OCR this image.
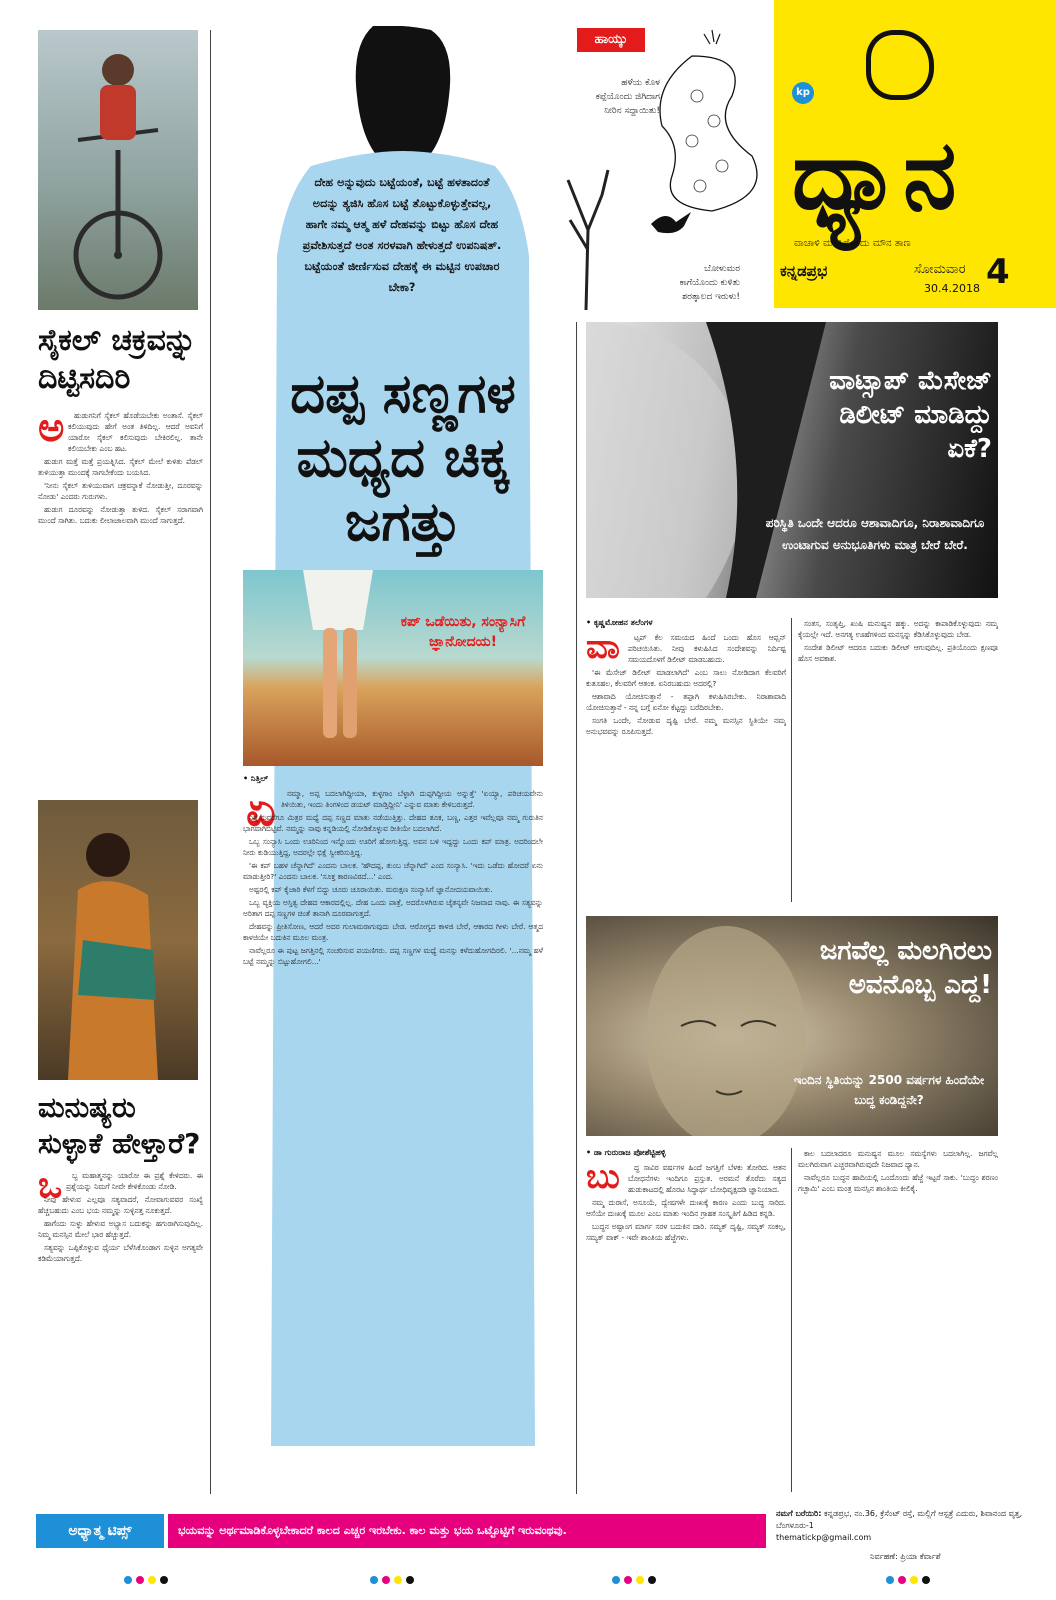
ಸೈಕಲ್ ಚಕ್ರವನ್ನು ದಿಟ್ಟಿಸದಿರಿ
ಅ	ಹುಡುಗನಿಗೆ ಸೈಕಲ್ ಹೊಡೆಯಬೇಕು ಅಂತಾಸೆ. ಸೈಕಲ್ ಕಲಿಯುವುದು ಹೇಗೆ ಅಂತ ತಿಳಿದಿಲ್ಲ. ಆದರೆ ಅವನಿಗೆ ಯಾರೋ ಸೈಕಲ್ ಕಲಿಸುವುದು ಬೇಕಿರಲಿಲ್ಲ. ತಾನೇ ಕಲಿಯಬೇಕು ಎಂಬ ಹಟ.

ಹುಡುಗ ಮತ್ತೆ ಮತ್ತೆ ಪ್ರಯತ್ನಿಸಿದ. ಸೈಕಲ್ ಮೇಲೆ ಕುಳಿತು ಪೆಡಲ್ ತುಳಿಯುತ್ತಾ ಮುಂದಕ್ಕೆ ಸಾಗಬೇಕೆಂದು ಬಯಸಿದ.

'ನೀನು ಸೈಕಲ್ ತುಳಿಯುವಾಗ ಚಕ್ರವನ್ನಾಕೆ ನೋಡುತ್ತೀ, ದೂರವನ್ನು ನೋಡು' ಎಂದರು ಗುರುಗಳು.

ಹುಡುಗ ದೂರವನ್ನು ನೋಡುತ್ತಾ ತುಳಿದ. ಸೈಕಲ್ ಸರಾಗವಾಗಿ ಮುಂದೆ ಸಾಗಿತು. ಬದುಕು ಲೀಲಾಜಾಲವಾಗಿ ಮುಂದೆ ಸಾಗುತ್ತದೆ.

ಮನುಷ್ಯರು ಸುಳ್ಳಾಕೆ ಹೇಳ್ತಾರೆ?
ಒ	ಬ್ಬ ಮಹಾತ್ಮನನ್ನು ಯಾರೋ ಈ ಪ್ರಶ್ನೆ ಕೇಳಿದರು. ಈ ಪ್ರಶ್ನೆಯನ್ನು ನಿಮಗೆ ನೀವೇ ಕೇಳಿಕೊಂಡು ನೋಡಿ.

ನೀವು ಹೇಳುವ ಎಲ್ಲವೂ ಸತ್ಯವಾದರೆ, ನೋವಾಗುವವರ ಸಂಖ್ಯೆ ಹೆಚ್ಚಬಹುದು ಎಂಬ ಭಯ ನಮ್ಮನ್ನು ಸುಳ್ಳಿನತ್ತ ನೂಕುತ್ತದೆ.

ಹಾಗೆಂದು ಸುಳ್ಳು ಹೇಳುವ ಅಭ್ಯಾಸ ಬದುಕನ್ನು ಹಗುರಾಗಿಸುವುದಿಲ್ಲ. ನಿಮ್ಮ ಮನಸ್ಸಿನ ಮೇಲೆ ಭಾರ ಹೆಚ್ಚುತ್ತದೆ.

ಸತ್ಯವನ್ನು ಒಪ್ಪಿಕೊಳ್ಳುವ ಧೈರ್ಯ ಬೆಳೆಸಿಕೊಂಡಾಗ ಸುಳ್ಳಿನ ಅಗತ್ಯವೇ ಕಡಿಮೆಯಾಗುತ್ತದೆ.

ದೇಹ ಅನ್ನುವುದು ಬಟ್ಟೆಯಂತೆ, ಬಟ್ಟೆ ಹಳತಾದಂತೆ ಅದನ್ನು ತ್ಯಜಿಸಿ ಹೊಸ ಬಟ್ಟೆ ತೊಟ್ಟುಕೊಳ್ಳುತ್ತೇವಲ್ಲ, ಹಾಗೇ ನಮ್ಮ ಆತ್ಮ ಹಳೆ ದೇಹವನ್ನು ಬಿಟ್ಟು ಹೊಸ ದೇಹ ಪ್ರವೇಶಿಸುತ್ತದೆ ಅಂತ ಸರಳವಾಗಿ ಹೇಳುತ್ತದೆ ಉಪನಿಷತ್. ಬಟ್ಟೆಯಂತೆ ಜೀರ್ಣಿಸುವ ದೇಹಕ್ಕೆ ಈ ಮಟ್ಟಿನ ಉಪಚಾರ ಬೇಕಾ?
ದಪ್ಪ ಸಣ್ಣಗಳ ಮಧ್ಯದ ಚಿಕ್ಕ ಜಗತ್ತು
ಕಪ್ ಒಡೆಯಿತು, ಸಂನ್ಯಾಸಿಗೆ ಜ್ಞಾನೋದಯ!
• ನಿತ್ತಿಲ್
ಏ	ನಮ್ಮಾ, ಅಪ್ಪ ಬದಲಾಗಿದ್ದೀಯಾ, ಕುಳ್ಳಗಾಂ ಬೆಳ್ಳಾಗಿ ದುಪ್ಪಗಿದ್ದೀಯ ಅನ್ನುತ್ತೆ' 'ಏಯ್ಯಾ, ಪರಿಚಯವೇನು ತಿಳಿಯಿತು, ಇಂದು ತಿಂಗಳಿಂದ ಡಯಟ್ ಮಾಡ್ತಿದ್ದೀನಿ' ಎನ್ನುವ ಮಾತು ಕೇಳಿಬರುತ್ತದೆ.

ನಿನ್ನೆಯವರೆಗೂ ಮಿತ್ರರ ಮಧ್ಯೆ ದಪ್ಪ ಸಣ್ಣದ ಮಾತು ನಡೆಯುತ್ತಿತ್ತು. ದೇಹದ ತೂಕ, ಬಣ್ಣ, ಎತ್ತರ ಇವೆಲ್ಲವೂ ನಮ್ಮ ಗುರುತಿನ ಭಾಗವಾಗಿಬಿಟ್ಟಿವೆ. ನಮ್ಮನ್ನು ನಾವು ಕನ್ನಡಿಯಲ್ಲಿ ನೋಡಿಕೊಳ್ಳುವ ರೀತಿಯೇ ಬದಲಾಗಿದೆ.

ಒಬ್ಬ ಸಂನ್ಯಾಸಿ ಒಂದು ಊರಿನಿಂದ ಇನ್ನೊಂದು ಊರಿಗೆ ಹೋಗುತ್ತಿದ್ದ. ಅವನ ಬಳಿ ಇದ್ದದ್ದು ಒಂದು ಕಪ್ ಮಾತ್ರ. ಅದರಿಂದಲೇ ನೀರು ಕುಡಿಯುತ್ತಿದ್ದ, ಅದರಲ್ಲೇ ಭಿಕ್ಷೆ ಸ್ವೀಕರಿಸುತ್ತಿದ್ದ.

'ಈ ಕಪ್ ಬಹಳ ಚೆನ್ನಾಗಿದೆ' ಎಂದನು ಬಾಲಕ. 'ಹೌದಪ್ಪ, ತುಂಬ ಚೆನ್ನಾಗಿದೆ' ಎಂದ ಸಂನ್ಯಾಸಿ. 'ಇದು ಒಡೆದು ಹೋದರೆ ಏನು ಮಾಡುತ್ತೀರಿ?' ಎಂದನು ಬಾಲಕ. 'ಸೂಕ್ತ ಕಾರಣವಿರದೆ...' ಎಂದ.

ಅಷ್ಟರಲ್ಲಿ ಕಪ್ ಕೈಜಾರಿ ಕೆಳಗೆ ಬಿದ್ದು ಚೂರು ಚೂರಾಯಿತು. ಮರುಕ್ಷಣ ಸಂನ್ಯಾಸಿಗೆ ಜ್ಞಾನೋದಯವಾಯಿತು.

ಒಬ್ಬ ವ್ಯಕ್ತಿಯ ಅಸ್ತಿತ್ವ ದೇಹದ ಆಕಾರದಲ್ಲಿಲ್ಲ. ದೇಹ ಒಂದು ಪಾತ್ರೆ, ಅದರೊಳಗಿರುವ ಚೈತನ್ಯವೇ ನಿಜವಾದ ನಾವು. ಈ ಸತ್ಯವನ್ನು ಅರಿತಾಗ ದಪ್ಪ ಸಣ್ಣಗಳ ಚಿಂತೆ ತಾನಾಗಿ ದೂರವಾಗುತ್ತದೆ.

ದೇಹವನ್ನು ಪ್ರೀತಿಸೋಣ, ಆದರೆ ಅದರ ಗುಲಾಮರಾಗುವುದು ಬೇಡ. ಆರೋಗ್ಯದ ಕಾಳಜಿ ಬೇರೆ, ಆಕಾರದ ಗೀಳು ಬೇರೆ. ಆತ್ಮದ ಕಾಳಜಿಯೇ ಬದುಕಿನ ಮೂಲ ಮಂತ್ರ.

ನಾವೆಲ್ಲರೂ ಈ ಪುಟ್ಟ ಜಗತ್ತಿನಲ್ಲಿ ಸಂಚರಿಸುವ ಪಯಣಿಗರು. ದಪ್ಪ ಸಣ್ಣಗಳ ಮಧ್ಯೆ ಮನಸ್ಸು ಕಳೆದುಹೋಗದಿರಲಿ. '...ನಮ್ಮ ಹಳೆ ಬಟ್ಟೆ ನಮ್ಮನ್ನು ಬಿಟ್ಟುಹೋಗಲಿ...'

ಹಾಯ್ಕು
ಹಳೆಯ ಕೊಳ
ಕಪ್ಪೆಯೊಂದು ಜಿಗಿದಾಗ
ನೀರಿನ ಸದ್ದಾಯಿತು!
ಬೋಳುಮರ
ಕಾಗೆಯೊಂದು ಕುಳಿತು
ಶರತ್ಕಾಲದ ಇರುಳು!
kp
ಧ್ಯಾನ
ವಾಚಾಳಿ ಮನಸಿಗೊಂದು ಮೌನ ತಾಣ
ಕನ್ನಡಪ್ರಭ	ಸೋಮವಾರ
30.4.2018 4
ವಾಟ್ಸಾಪ್ ಮೆಸೇಜ್ ಡಿಲೀಟ್ ಮಾಡಿದ್ದು ಏಕೆ?
ಪರಿಸ್ಥಿತಿ ಒಂದೇ ಆದರೂ ಆಶಾವಾದಿಗೂ, ನಿರಾಶಾವಾದಿಗೂ ಉಂಟಾಗುವ ಅನುಭೂತಿಗಳು ಮಾತ್ರ ಬೇರೆ ಬೇರೆ.
• ಕೃಷ್ಣಮೋಹನ ತಲೆಂಗಳ
ವಾ	ಟ್ಸಪ್ ಕೆಲ ಸಮಯದ ಹಿಂದೆ ಒಂದು ಹೊಸ ಆಪ್ಷನ್ ಪರಿಚಯಿಸಿತು. ನೀವು ಕಳುಹಿಸಿದ ಸಂದೇಶವನ್ನು ನಿರ್ದಿಷ್ಟ ಸಮಯದೊಳಗೆ ಡಿಲೀಟ್ ಮಾಡಬಹುದು.

'ಈ ಮೆಸೇಜ್ ಡಿಲೀಟ್ ಮಾಡಲಾಗಿದೆ' ಎಂಬ ಸಾಲು ನೋಡಿದಾಗ ಕೆಲವರಿಗೆ ಕುತೂಹಲ, ಕೆಲವರಿಗೆ ಆತಂಕ. ಏನಿರಬಹುದು ಅದರಲ್ಲಿ?

ಆಶಾವಾದಿ ಯೋಚಿಸುತ್ತಾನೆ - ತಪ್ಪಾಗಿ ಕಳುಹಿಸಿರಬೇಕು. ನಿರಾಶಾವಾದಿ ಯೋಚಿಸುತ್ತಾನೆ - ನನ್ನ ಬಗ್ಗೆ ಏನೋ ಕೆಟ್ಟದ್ದು ಬರೆದಿರಬೇಕು.

ಸಂಗತಿ ಒಂದೇ, ನೋಡುವ ದೃಷ್ಟಿ ಬೇರೆ. ನಮ್ಮ ಮನಸ್ಸಿನ ಸ್ಥಿತಿಯೇ ನಮ್ಮ ಅನುಭವವನ್ನು ರೂಪಿಸುತ್ತದೆ.

ಸಂತಸ, ಸಂತೃಪ್ತಿ, ಖುಷಿ ಮನುಷ್ಯನ ಹಕ್ಕು. ಅದನ್ನು ಕಾಪಾಡಿಕೊಳ್ಳುವುದು ನಮ್ಮ ಕೈಯಲ್ಲೇ ಇದೆ. ಅನಗತ್ಯ ಊಹೆಗಳಿಂದ ಮನಸ್ಸನ್ನು ಕೆಡಿಸಿಕೊಳ್ಳುವುದು ಬೇಡ.

ಸಂದೇಶ ಡಿಲೀಟ್ ಆದರೂ ಬದುಕು ಡಿಲೀಟ್ ಆಗುವುದಿಲ್ಲ. ಪ್ರತಿಯೊಂದು ಕ್ಷಣವೂ ಹೊಸ ಅವಕಾಶ.

ಜಗವೆಲ್ಲ ಮಲಗಿರಲು ಅವನೊಬ್ಬ ಎದ್ದ!
ಇಂದಿನ ಸ್ಥಿತಿಯನ್ನು 2500 ವರ್ಷಗಳ ಹಿಂದೆಯೇ ಬುದ್ಧ ಕಂಡಿದ್ದನೇ?
• ಡಾ ಗುರುರಾಜ ಪೋಶೆಟ್ಟಿಹಳ್ಳಿ
ಬು	ದ್ಧ ಸಾವಿರ ವರ್ಷಗಳ ಹಿಂದೆ ಜಗತ್ತಿಗೆ ಬೆಳಕು ತೋರಿದ. ಆತನ ಬೋಧನೆಗಳು ಇಂದಿಗೂ ಪ್ರಸ್ತುತ. ಅರಮನೆ ತೊರೆದು ಸತ್ಯದ ಹುಡುಕಾಟದಲ್ಲಿ ಹೊರಟ ಸಿದ್ಧಾರ್ಥ ಬೋಧಿವೃಕ್ಷದಡಿ ಜ್ಞಾನಿಯಾದ.

ನಮ್ಮ ದುರಾಸೆ, ಅಸೂಯೆ, ದ್ವೇಷಗಳೇ ದುಃಖಕ್ಕೆ ಕಾರಣ ಎಂದು ಬುದ್ಧ ಸಾರಿದ. ಆಸೆಯೇ ದುಃಖಕ್ಕೆ ಮೂಲ ಎಂಬ ಮಾತು ಇಂದಿನ ಗ್ರಾಹಕ ಸಂಸ್ಕೃತಿಗೆ ಹಿಡಿದ ಕನ್ನಡಿ.

ಬುದ್ಧನ ಅಷ್ಟಾಂಗ ಮಾರ್ಗ ಸರಳ ಬದುಕಿನ ದಾರಿ. ಸಮ್ಯಕ್ ದೃಷ್ಟಿ, ಸಮ್ಯಕ್ ಸಂಕಲ್ಪ, ಸಮ್ಯಕ್ ವಾಕ್ - ಇವೇ ಶಾಂತಿಯ ಹೆಜ್ಜೆಗಳು.

ಕಾಲ ಬದಲಾದರೂ ಮನುಷ್ಯನ ಮೂಲ ಸಮಸ್ಯೆಗಳು ಬದಲಾಗಿಲ್ಲ. ಜಗವೆಲ್ಲ ಮಲಗಿರುವಾಗ ಎಚ್ಚರವಾಗಿರುವುದೇ ನಿಜವಾದ ಧ್ಯಾನ.

ನಾವೆಲ್ಲರೂ ಬುದ್ಧನ ಹಾದಿಯಲ್ಲಿ ಒಂದೊಂದು ಹೆಜ್ಜೆ ಇಟ್ಟರೆ ಸಾಕು. 'ಬುದ್ಧಂ ಶರಣಂ ಗಚ್ಛಾಮಿ' ಎಂಬ ಮಂತ್ರ ಮನಸ್ಸಿನ ಶಾಂತಿಯ ಕೀಲಿಕೈ.

ಅಧ್ಯಾತ್ಮ ಟಿಪ್ಸ್	ಭಯವನ್ನು ಅರ್ಥಮಾಡಿಕೊಳ್ಳಬೇಕಾದರೆ ಕಾಲದ ಎಚ್ಚರ ಇರಬೇಕು. ಕಾಲ ಮತ್ತು ಭಯ ಒಟ್ಟೊಟ್ಟಿಗೆ ಇರುವಂಥವು.
ನಮಗೆ ಬರೆಯಿರಿ: ಕನ್ನಡಪ್ರಭ, ನಂ.36, ಕ್ರೆಸೆಂಟ್ ರಸ್ತೆ, ಮಲ್ಲಿಗೆ ಆಸ್ಪತ್ರೆ ಎದುರು, ಶಿವಾನಂದ ವೃತ್ತ, ಬೆಂಗಳೂರು-1
thematickp@gmail.com
ನಿರ್ವಹಣೆ: ಪ್ರಿಯಾ ಕೆರ್ವಾಶೆ
